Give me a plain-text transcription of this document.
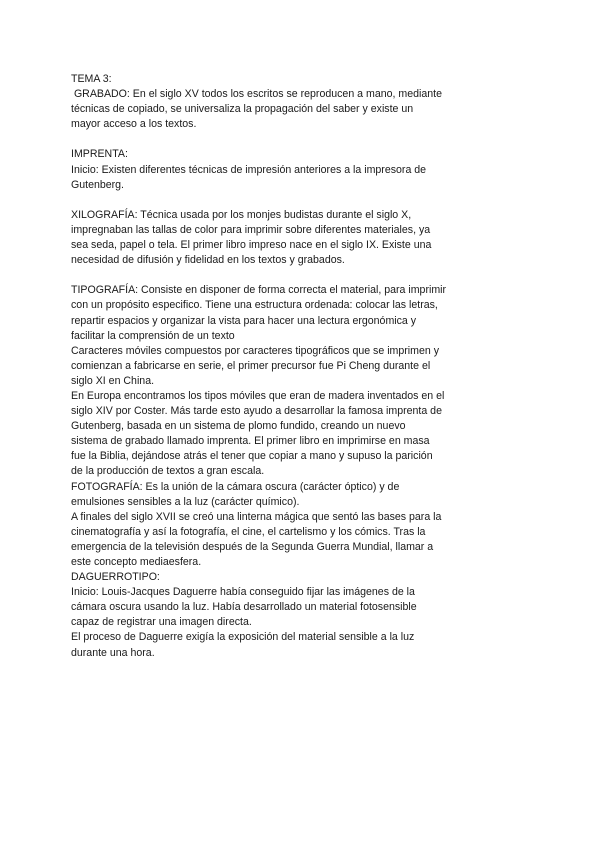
TEMA 3:
GRABADO: En el siglo XV todos los escritos se reproducen a mano, mediante
técnicas de copiado, se universaliza la propagación del saber y existe un
mayor acceso a los textos.
IMPRENTA:
Inicio: Existen diferentes técnicas de impresión anteriores a la impresora de
Gutenberg.
XILOGRAFÍA: Técnica usada por los monjes budistas durante el siglo X,
impregnaban las tallas de color para imprimir sobre diferentes materiales, ya
sea seda, papel o tela. El primer libro impreso nace en el siglo IX. Existe una
necesidad de difusión y fidelidad en los textos y grabados.
TIPOGRAFÍA: Consiste en disponer de forma correcta el material, para imprimir
con un propósito especifico. Tiene una estructura ordenada: colocar las letras,
repartir espacios y organizar la vista para hacer una lectura ergonómica y
facilitar la comprensión de un texto
Caracteres móviles compuestos por caracteres tipográficos que se imprimen y
comienzan a fabricarse en serie, el primer precursor fue Pi Cheng durante el
siglo XI en China.
En Europa encontramos los tipos móviles que eran de madera inventados en el
siglo XIV por Coster. Más tarde esto ayudo a desarrollar la famosa imprenta de
Gutenberg, basada en un sistema de plomo fundido, creando un nuevo
sistema de grabado llamado imprenta. El primer libro en imprimirse en masa
fue la Biblia, dejándose atrás el tener que copiar a mano y supuso la parición
de la producción de textos a gran escala.
FOTOGRAFÍA: Es la unión de la cámara oscura (carácter óptico) y de
emulsiones sensibles a la luz (carácter químico).
A finales del siglo XVII se creó una linterna mágica que sentó las bases para la
cinematografía y así la fotografía, el cine, el cartelismo y los cómics. Tras la
emergencia de la televisión después de la Segunda Guerra Mundial, llamar a
este concepto mediaesfera.
DAGUERROTIPO:
Inicio: Louis-Jacques Daguerre había conseguido fijar las imágenes de la
cámara oscura usando la luz. Había desarrollado un material fotosensible
capaz de registrar una imagen directa.
El proceso de Daguerre exigía la exposición del material sensible a la luz
durante una hora.
